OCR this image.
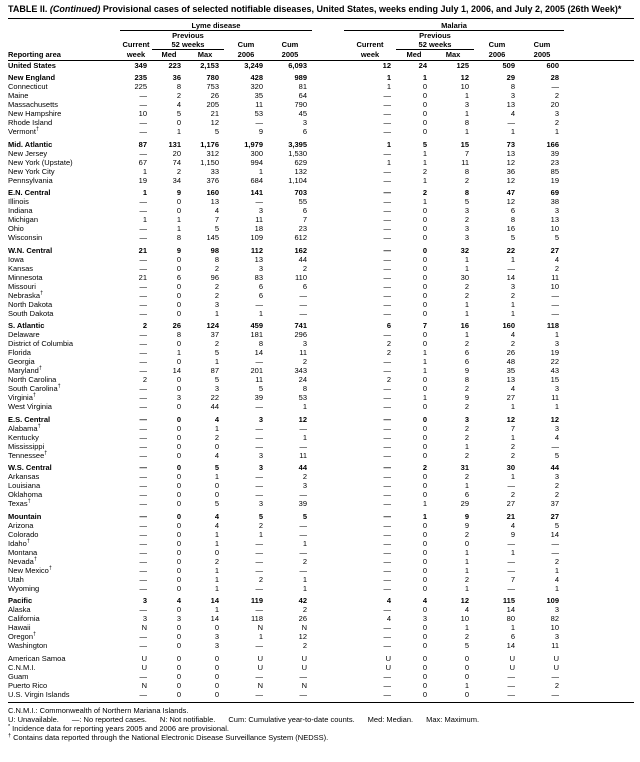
TABLE II. (Continued) Provisional cases of selected notifiable diseases, United States, weeks ending July 1, 2006, and July 2, 2005 (26th Week)*
	Lyme disease						Malaria					
		Previous						Previous				
	Current	52 weeks		Cum	Cum		Current	52 weeks		Cum	Cum	
Reporting area	week	Med	Max	2006	2005		week	Med	Max	2006	2005	
United States	349	223	2,153	3,249	6,093		12	24	125	509	600	
New England	235	36	780	428	989		1	1	12	29	28	
Connecticut	225	8	753	320	81		1	0	10	8	—	
Maine	—	2	26	35	64		—	0	1	3	2	
Massachusetts	—	4	205	11	790		—	0	3	13	20	
New Hampshire	10	5	21	53	45		—	0	1	4	3	
Rhode Island	—	0	12	—	3		—	0	8	—	2	
Vermont†	—	1	5	9	6		—	0	1	1	1	
Mid. Atlantic	87	131	1,176	1,979	3,395		1	5	15	73	166	
New Jersey	—	20	312	300	1,530		—	1	7	13	39	
New York (Upstate)	67	74	1,150	994	629		1	1	11	12	23	
New York City	1	2	33	1	132		—	2	8	36	85	
Pennsylvania	19	34	376	684	1,104		—	1	2	12	19	
E.N. Central	1	9	160	141	703		—	2	8	47	69	
Illinois	—	0	13	—	55		—	1	5	12	38	
Indiana	—	0	4	3	6		—	0	3	6	3	
Michigan	1	1	7	11	7		—	0	2	8	13	
Ohio	—	1	5	18	23		—	0	3	16	10	
Wisconsin	—	8	145	109	612		—	0	3	5	5	
W.N. Central	21	9	98	112	162		—	0	32	22	27	
Iowa	—	0	8	13	44		—	0	1	1	4	
Kansas	—	0	2	3	2		—	0	1	—	2	
Minnesota	21	6	96	83	110		—	0	30	14	11	
Missouri	—	0	2	6	6		—	0	2	3	10	
Nebraska†	—	0	2	6	—		—	0	2	2	—	
North Dakota	—	0	3	—	—		—	0	1	1	—	
South Dakota	—	0	1	1	—		—	0	1	1	—	
S. Atlantic	2	26	124	459	741		6	7	16	160	118	
Delaware	—	8	37	181	296		—	0	1	4	1	
District of Columbia	—	0	2	8	3		2	0	2	2	3	
Florida	—	1	5	14	11		2	1	6	26	19	
Georgia	—	0	1	—	2		—	1	6	48	22	
Maryland†	—	14	87	201	343		—	1	9	35	43	
North Carolina	2	0	5	11	24		2	0	8	13	15	
South Carolina†	—	0	3	5	8		—	0	2	4	3	
Virginia†	—	3	22	39	53		—	1	9	27	11	
West Virginia	—	0	44	—	1		—	0	2	1	1	
E.S. Central	—	0	4	3	12		—	0	3	12	12	
Alabama†	—	0	1	—	—		—	0	2	7	3	
Kentucky	—	0	2	—	1		—	0	2	1	4	
Mississippi	—	0	0	—	—		—	0	1	2	—	
Tennessee†	—	0	4	3	11		—	0	2	2	5	
W.S. Central	—	0	5	3	44		—	2	31	30	44	
Arkansas	—	0	1	—	2		—	0	2	1	3	
Louisiana	—	0	0	—	3		—	0	1	—	2	
Oklahoma	—	0	0	—	—		—	0	6	2	2	
Texas†	—	0	5	3	39		—	1	29	27	37	
Mountain	—	0	4	5	5		—	1	9	21	27	
Arizona	—	0	4	2	—		—	0	9	4	5	
Colorado	—	0	1	1	—		—	0	2	9	14	
Idaho†	—	0	1	—	1		—	0	0	—	—	
Montana	—	0	0	—	—		—	0	1	1	—	
Nevada†	—	0	2	—	2		—	0	1	—	2	
New Mexico†	—	0	1	—	—		—	0	1	—	1	
Utah	—	0	1	2	1		—	0	2	7	4	
Wyoming	—	0	1	—	1		—	0	1	—	1	
Pacific	3	4	14	119	42		4	4	12	115	109	
Alaska	—	0	1	—	2		—	0	4	14	3	
California	3	3	14	118	26		4	3	10	80	82	
Hawaii	N	0	0	N	N		—	0	1	1	10	
Oregon†	—	0	3	1	12		—	0	2	6	3	
Washington	—	0	3	—	2		—	0	5	14	11	
American Samoa	U	0	0	U	U		U	0	0	U	U	
C.N.M.I.	U	0	0	U	U		U	0	0	U	U	
Guam	—	0	0	—	—		—	0	0	—	—	
Puerto Rico	N	0	0	N	N		—	0	1	—	2	
U.S. Virgin Islands	—	0	0	—	—		—	0	0	—	—	
C.N.M.I.: Commonwealth of Northern Mariana Islands.
U: Unavailable. —: No reported cases. N: Not notifiable. Cum: Cumulative year-to-date counts. Med: Median. Max: Maximum.
* Incidence data for reporting years 2005 and 2006 are provisional.
† Contains data reported through the National Electronic Disease Surveillance System (NEDSS).
